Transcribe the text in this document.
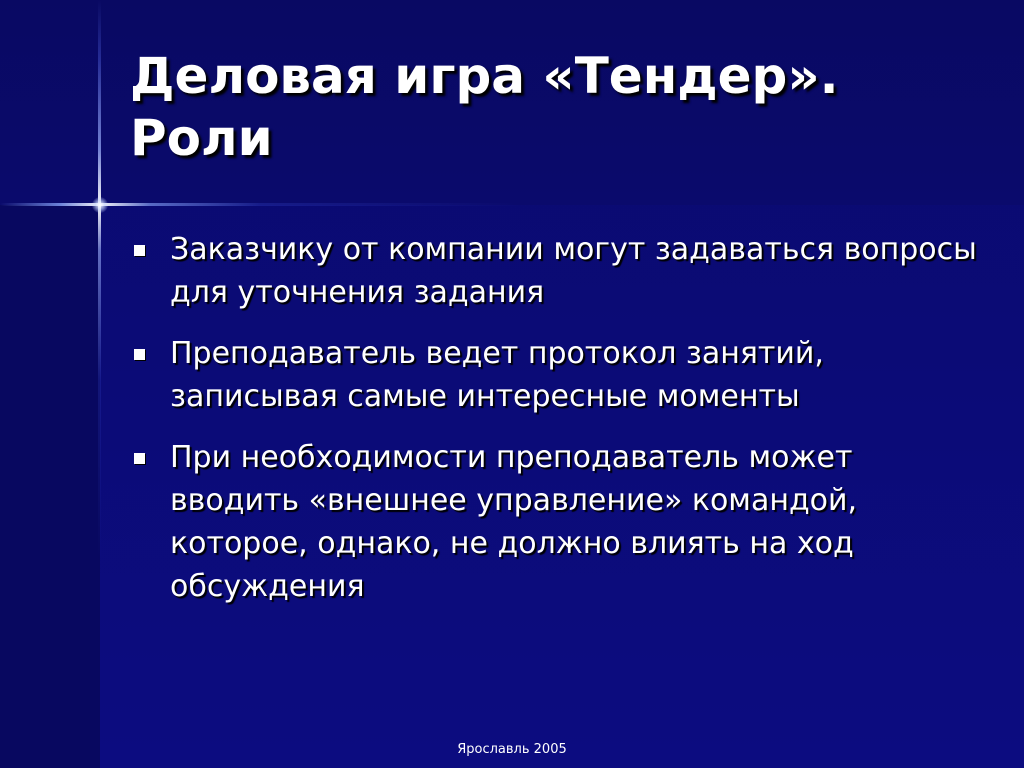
Деловая игра «Тендер».
Роли
Заказчику от компании могут задаваться вопросы для уточнения задания
Преподаватель ведет протокол занятий, записывая самые интересные моменты
При необходимости преподаватель может вводить «внешнее управление» командой, которое, однако, не должно влиять на ход обсуждения
Ярославль 2005
